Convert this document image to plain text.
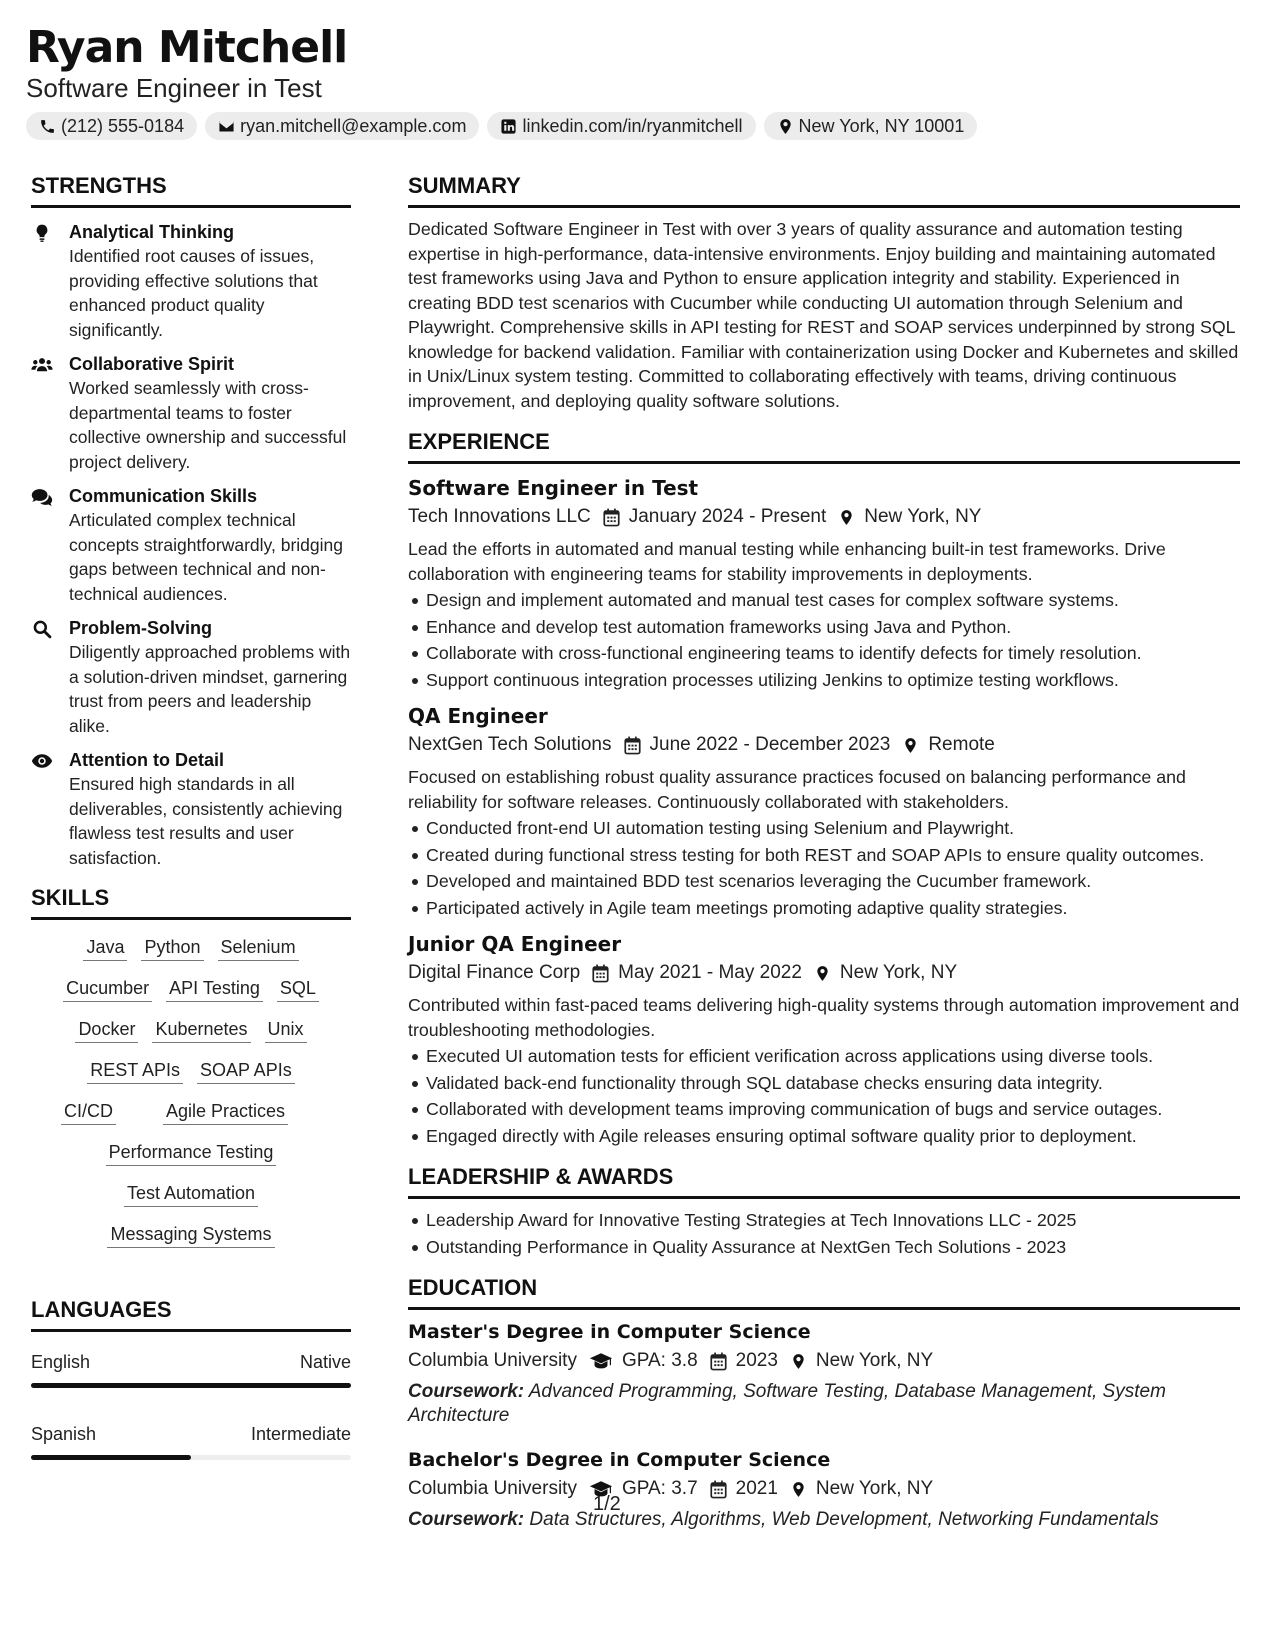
Ryan Mitchell
Software Engineer in Test
(212) 555-0184	ryan.mitchell@example.com	linkedin.com/in/ryanmitchell	New York, NY 10001
STRENGTHS
Analytical Thinking
Identified root causes of issues, providing effective solutions that enhanced product quality significantly.
Collaborative Spirit
Worked seamlessly with cross-departmental teams to foster collective ownership and successful project delivery.
Communication Skills
Articulated complex technical concepts straightforwardly, bridging gaps between technical and non-technical audiences.
Problem-Solving
Diligently approached problems with a solution-driven mindset, garnering trust from peers and leadership alike.
Attention to Detail
Ensured high standards in all deliverables, consistently achieving flawless test results and user satisfaction.
SKILLS
Java Python Selenium
Cucumber API Testing SQL
Docker Kubernetes Unix
REST APIs SOAP APIs
CI/CD	Agile Practices
Performance Testing
Test Automation
Messaging Systems
LANGUAGES
English	Native
Spanish	Intermediate
SUMMARY
Dedicated Software Engineer in Test with over 3 years of quality assurance and automation testing expertise in high-performance, data-intensive environments. Enjoy building and maintaining automated test frameworks using Java and Python to ensure application integrity and stability. Experienced in creating BDD test scenarios with Cucumber while conducting UI automation through Selenium and Playwright. Comprehensive skills in API testing for REST and SOAP services underpinned by strong SQL knowledge for backend validation. Familiar with containerization using Docker and Kubernetes and skilled in Unix/Linux system testing. Committed to collaborating effectively with teams, driving continuous improvement, and deploying quality software solutions.
EXPERIENCE
Software Engineer in Test
Tech Innovations LLC January 2024 - Present New York, NY
Lead the efforts in automated and manual testing while enhancing built-in test frameworks. Drive collaboration with engineering teams for stability improvements in deployments.
Design and implement automated and manual test cases for complex software systems.
Enhance and develop test automation frameworks using Java and Python.
Collaborate with cross-functional engineering teams to identify defects for timely resolution.
Support continuous integration processes utilizing Jenkins to optimize testing workflows.
QA Engineer
NextGen Tech Solutions June 2022 - December 2023 Remote
Focused on establishing robust quality assurance practices focused on balancing performance and reliability for software releases. Continuously collaborated with stakeholders.
Conducted front-end UI automation testing using Selenium and Playwright.
Created during functional stress testing for both REST and SOAP APIs to ensure quality outcomes.
Developed and maintained BDD test scenarios leveraging the Cucumber framework.
Participated actively in Agile team meetings promoting adaptive quality strategies.
Junior QA Engineer
Digital Finance Corp May 2021 - May 2022 New York, NY
Contributed within fast-paced teams delivering high-quality systems through automation improvement and troubleshooting methodologies.
Executed UI automation tests for efficient verification across applications using diverse tools.
Validated back-end functionality through SQL database checks ensuring data integrity.
Collaborated with development teams improving communication of bugs and service outages.
Engaged directly with Agile releases ensuring optimal software quality prior to deployment.
LEADERSHIP & AWARDS
Leadership Award for Innovative Testing Strategies at Tech Innovations LLC - 2025
Outstanding Performance in Quality Assurance at NextGen Tech Solutions - 2023
EDUCATION
Master's Degree in Computer Science
Columbia University GPA: 3.8 2023 New York, NY
Coursework: Advanced Programming, Software Testing, Database Management, System Architecture
Bachelor's Degree in Computer Science
Columbia University GPA: 3.7 2021 New York, NY
Coursework: Data Structures, Algorithms, Web Development, Networking Fundamentals
1/2
